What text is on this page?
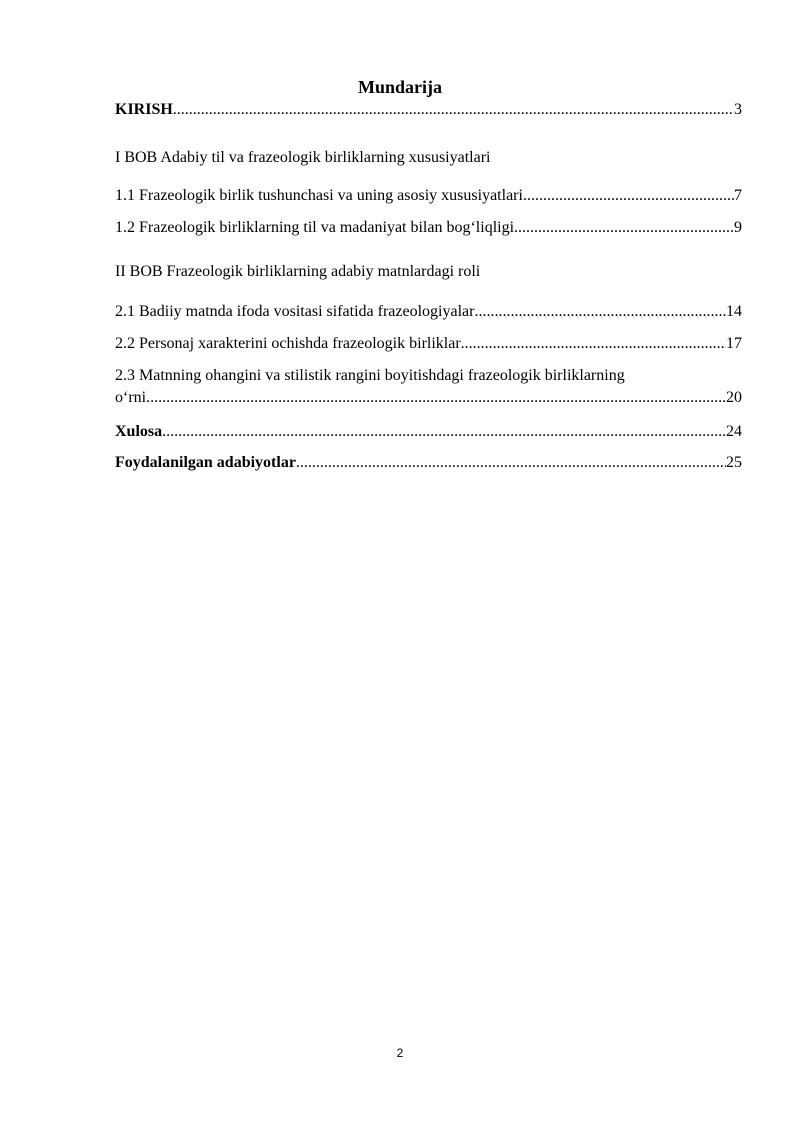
Mundarija
KIRISH .....	3
I BOB Adabiy til va frazeologik birliklarning xususiyatlari
1.1 Frazeologik birlik tushunchasi va uning asosiy xususiyatlari .....	7
1.2 Frazeologik birliklarning til va madaniyat bilan bog‘liqligi .....	9
II BOB Frazeologik birliklarning adabiy matnlardagi roli
2.1 Badiiy matnda ifoda vositasi sifatida frazeologiyalar .....	14
2.2 Personaj xarakterini ochishda frazeologik birliklar .....	17
2.3 Matnning ohangini va stilistik rangini boyitishdagi frazeologik birliklarning
o‘rni .....	20
Xulosa .....	24
Foydalanilgan adabiyotlar .....	25
2
